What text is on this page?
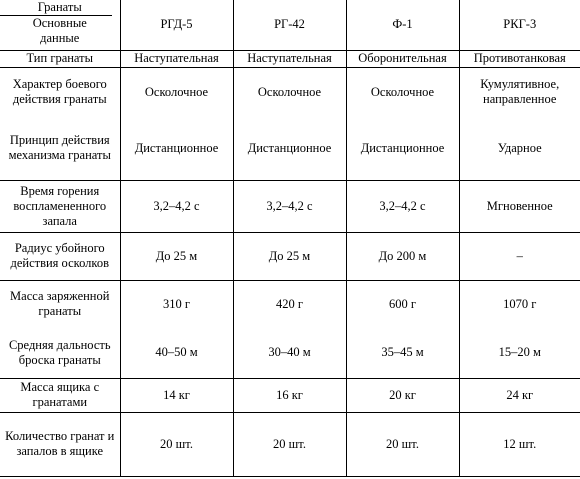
Гранаты
Основные данные	РГД-5	РГ-42	Ф-1	РКГ-3
Тип гранаты	Наступательная	Наступательная	Оборонительная	Противотанковая
Характер боевого действия гранаты	Осколочное	Осколочное	Осколочное	Кумулятивное, направленное
Принцип действия механизма гранаты	Дистанционное	Дистанционное	Дистанционное	Ударное
Время горения воспламененного запала	3,2–4,2 с	3,2–4,2 с	3,2–4,2 с	Мгновенное
Радиус убойного действия осколков	До 25 м	До 25 м	До 200 м	–
Масса заряженной гранаты	310 г	420 г	600 г	1070 г
Средняя дальность броска гранаты	40–50 м	30–40 м	35–45 м	15–20 м
Масса ящика с гранатами	14 кг	16 кг	20 кг	24 кг
Количество гранат и запалов в ящике	20 шт.	20 шт.	20 шт.	12 шт.
